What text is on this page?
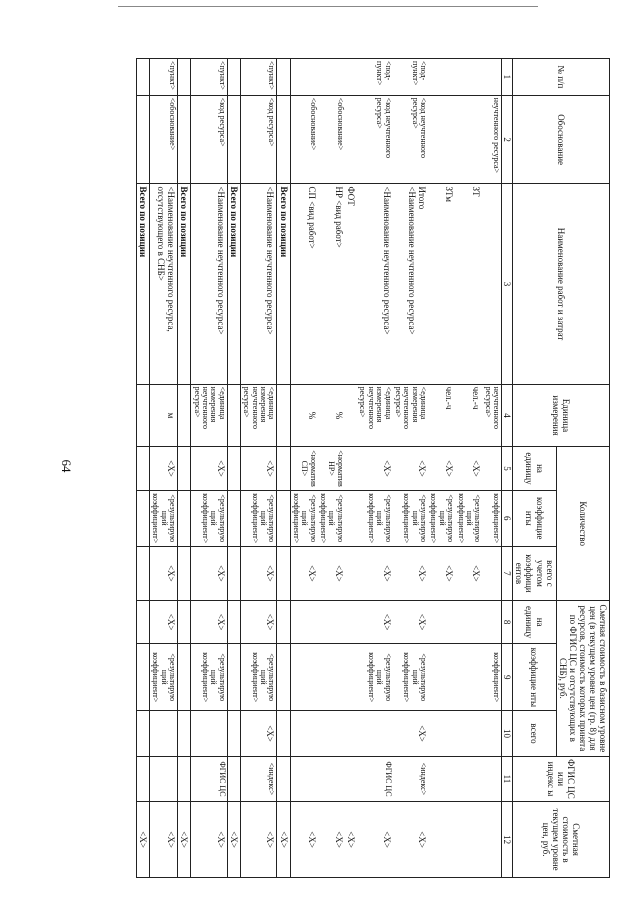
64
№ п/п	Обоснование	Наименование работ и затрат	Единица измерения	Количество			Сметная стоимость в базисном уровне цен (в текущем уровне цен (гр. 8) для ресурсов, стоимость которых принята по ФГИС ЦС и отсутствующих в СНБ), руб.			ФГИС ЦС или индекс ы	Сметная стоимость в текущем уровне цен, руб.
				на единицу	коэффицие нты	всего с учетом коэффици ентов	на единицу	коэффицие нты	всего		
1	2	3	4	5	6	7	8	9	10	11	12
	неучтенного ресурса>		неучтенного ресурса>		коэффициент>			коэффициент>			
		ЗТ	чел.-ч	<X>	<результирую щий коэффициент>	<X>					
		ЗТм	чел.-ч	<X>	<результирую щий коэффициент>	<X>					
<под- пункт>	<код неучтенного ресурса>	Итого
<Наименование неучтенного ресурса>	<единица измерения неучтенного ресурса>	<X>	<результирую щий коэффициент>	<X>	<X>	<результирую щий коэффициент>	<X>	<индекс>	<X>
<под- пункт>	<код неучтенного ресурса>	<Наименование неучтенного ресурса>	<единица измерения неучтенного ресурса>	<X>	<результирую щий коэффициент>	<X>	<X>	<результирую щий коэффициент>		ФГИС ЦС	<X>
		ФОТ									<X>
	<обоснование>	НР <вид работ>	%	<норматив НР>	<результирую щий коэффициент>	<X>					<X>
	<обоснование>	СП <вид работ>	%	<норматив СП>	<результирую щий коэффициент>	<X>					<X>
		Всего по позиции									<X>
<пункт>	<код ресурса>	<Наименование неучтенного ресурса>	<единица измерения неучтенного ресурса>	<X>	<результирую щий коэффициент>	<X>	<X>	<результирую щий коэффициент>	<X>	<индекс>	<X>
		Всего по позиции									<X>
<пункт>	<код ресурса>	<Наименование неучтенного ресурса>	<единица измерения неучтенного ресурса>	<X>	<результирую щий коэффициент>	<X>	<X>	<результирую щий коэффициент>		ФГИС ЦС	<X>
		Всего по позиции									<X>
<пункт>	<обоснование>	<Наименование неучтенного ресурса, отсутствующего в СНБ>	м	<X>	<результирую щий коэффициент>	<X>	<X>	<результирую щий коэффициент>			<X>
		Всего по позиции									<X>
